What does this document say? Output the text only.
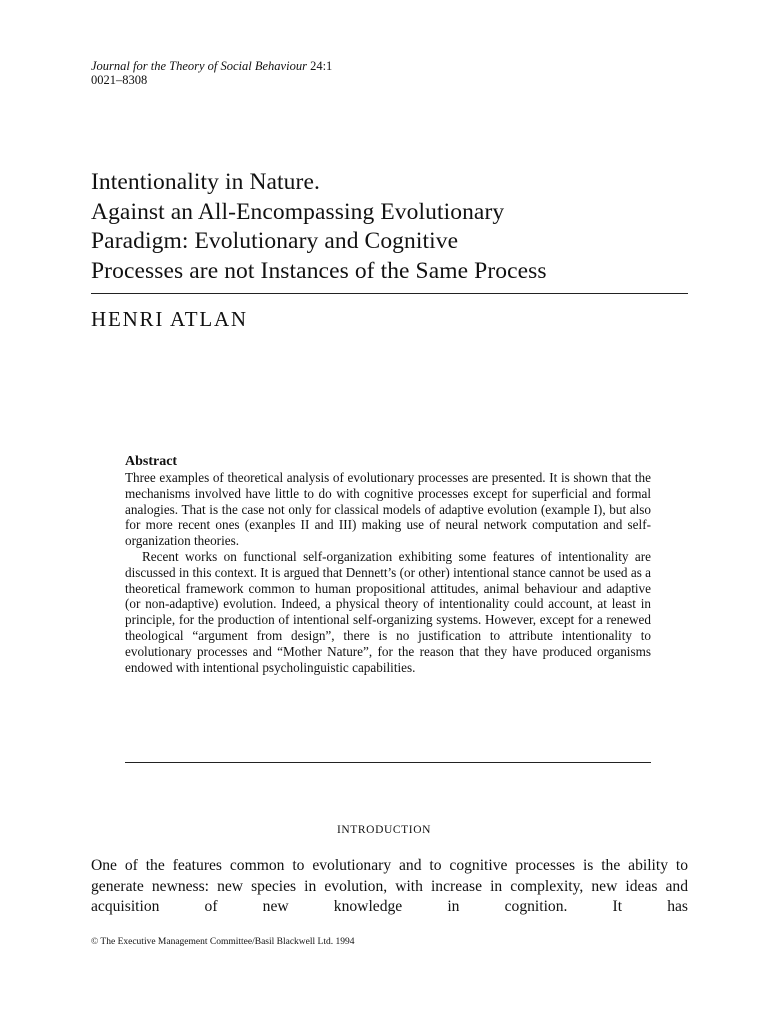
Journal for the Theory of Social Behaviour 24:1
0021–8308
Intentionality in Nature.
Against an All-Encompassing Evolutionary
Paradigm: Evolutionary and Cognitive
Processes are not Instances of the Same Process
HENRI ATLAN
Abstract

Three examples of theoretical analysis of evolutionary processes are presented. It is shown that the mechanisms involved have little to do with cognitive processes except for superficial and formal analogies. That is the case not only for classical models of adaptive evolution (example I), but also for more recent ones (exanples II and III) making use of neural network computation and self-organization theories.

Recent works on functional self-organization exhibiting some features of intentionality are discussed in this context. It is argued that Dennett’s (or other) intentional stance cannot be used as a theoretical framework common to human propositional attitudes, animal behaviour and adaptive (or non-adaptive) evolution. Indeed, a physical theory of intentionality could account, at least in principle, for the production of intentional self-organizing systems. However, except for a renewed theological “argument from design”, there is no justification to attribute intentionality to evolutionary processes and “Mother Nature”, for the reason that they have produced organisms endowed with intentional psycholinguistic capabilities.

INTRODUCTION

One of the features common to evolutionary and to cognitive processes is the ability to generate newness: new species in evolution, with increase in complexity, new ideas and acquisition of new knowledge in cognition. It has

© The Executive Management Committee/Basil Blackwell Ltd. 1994
